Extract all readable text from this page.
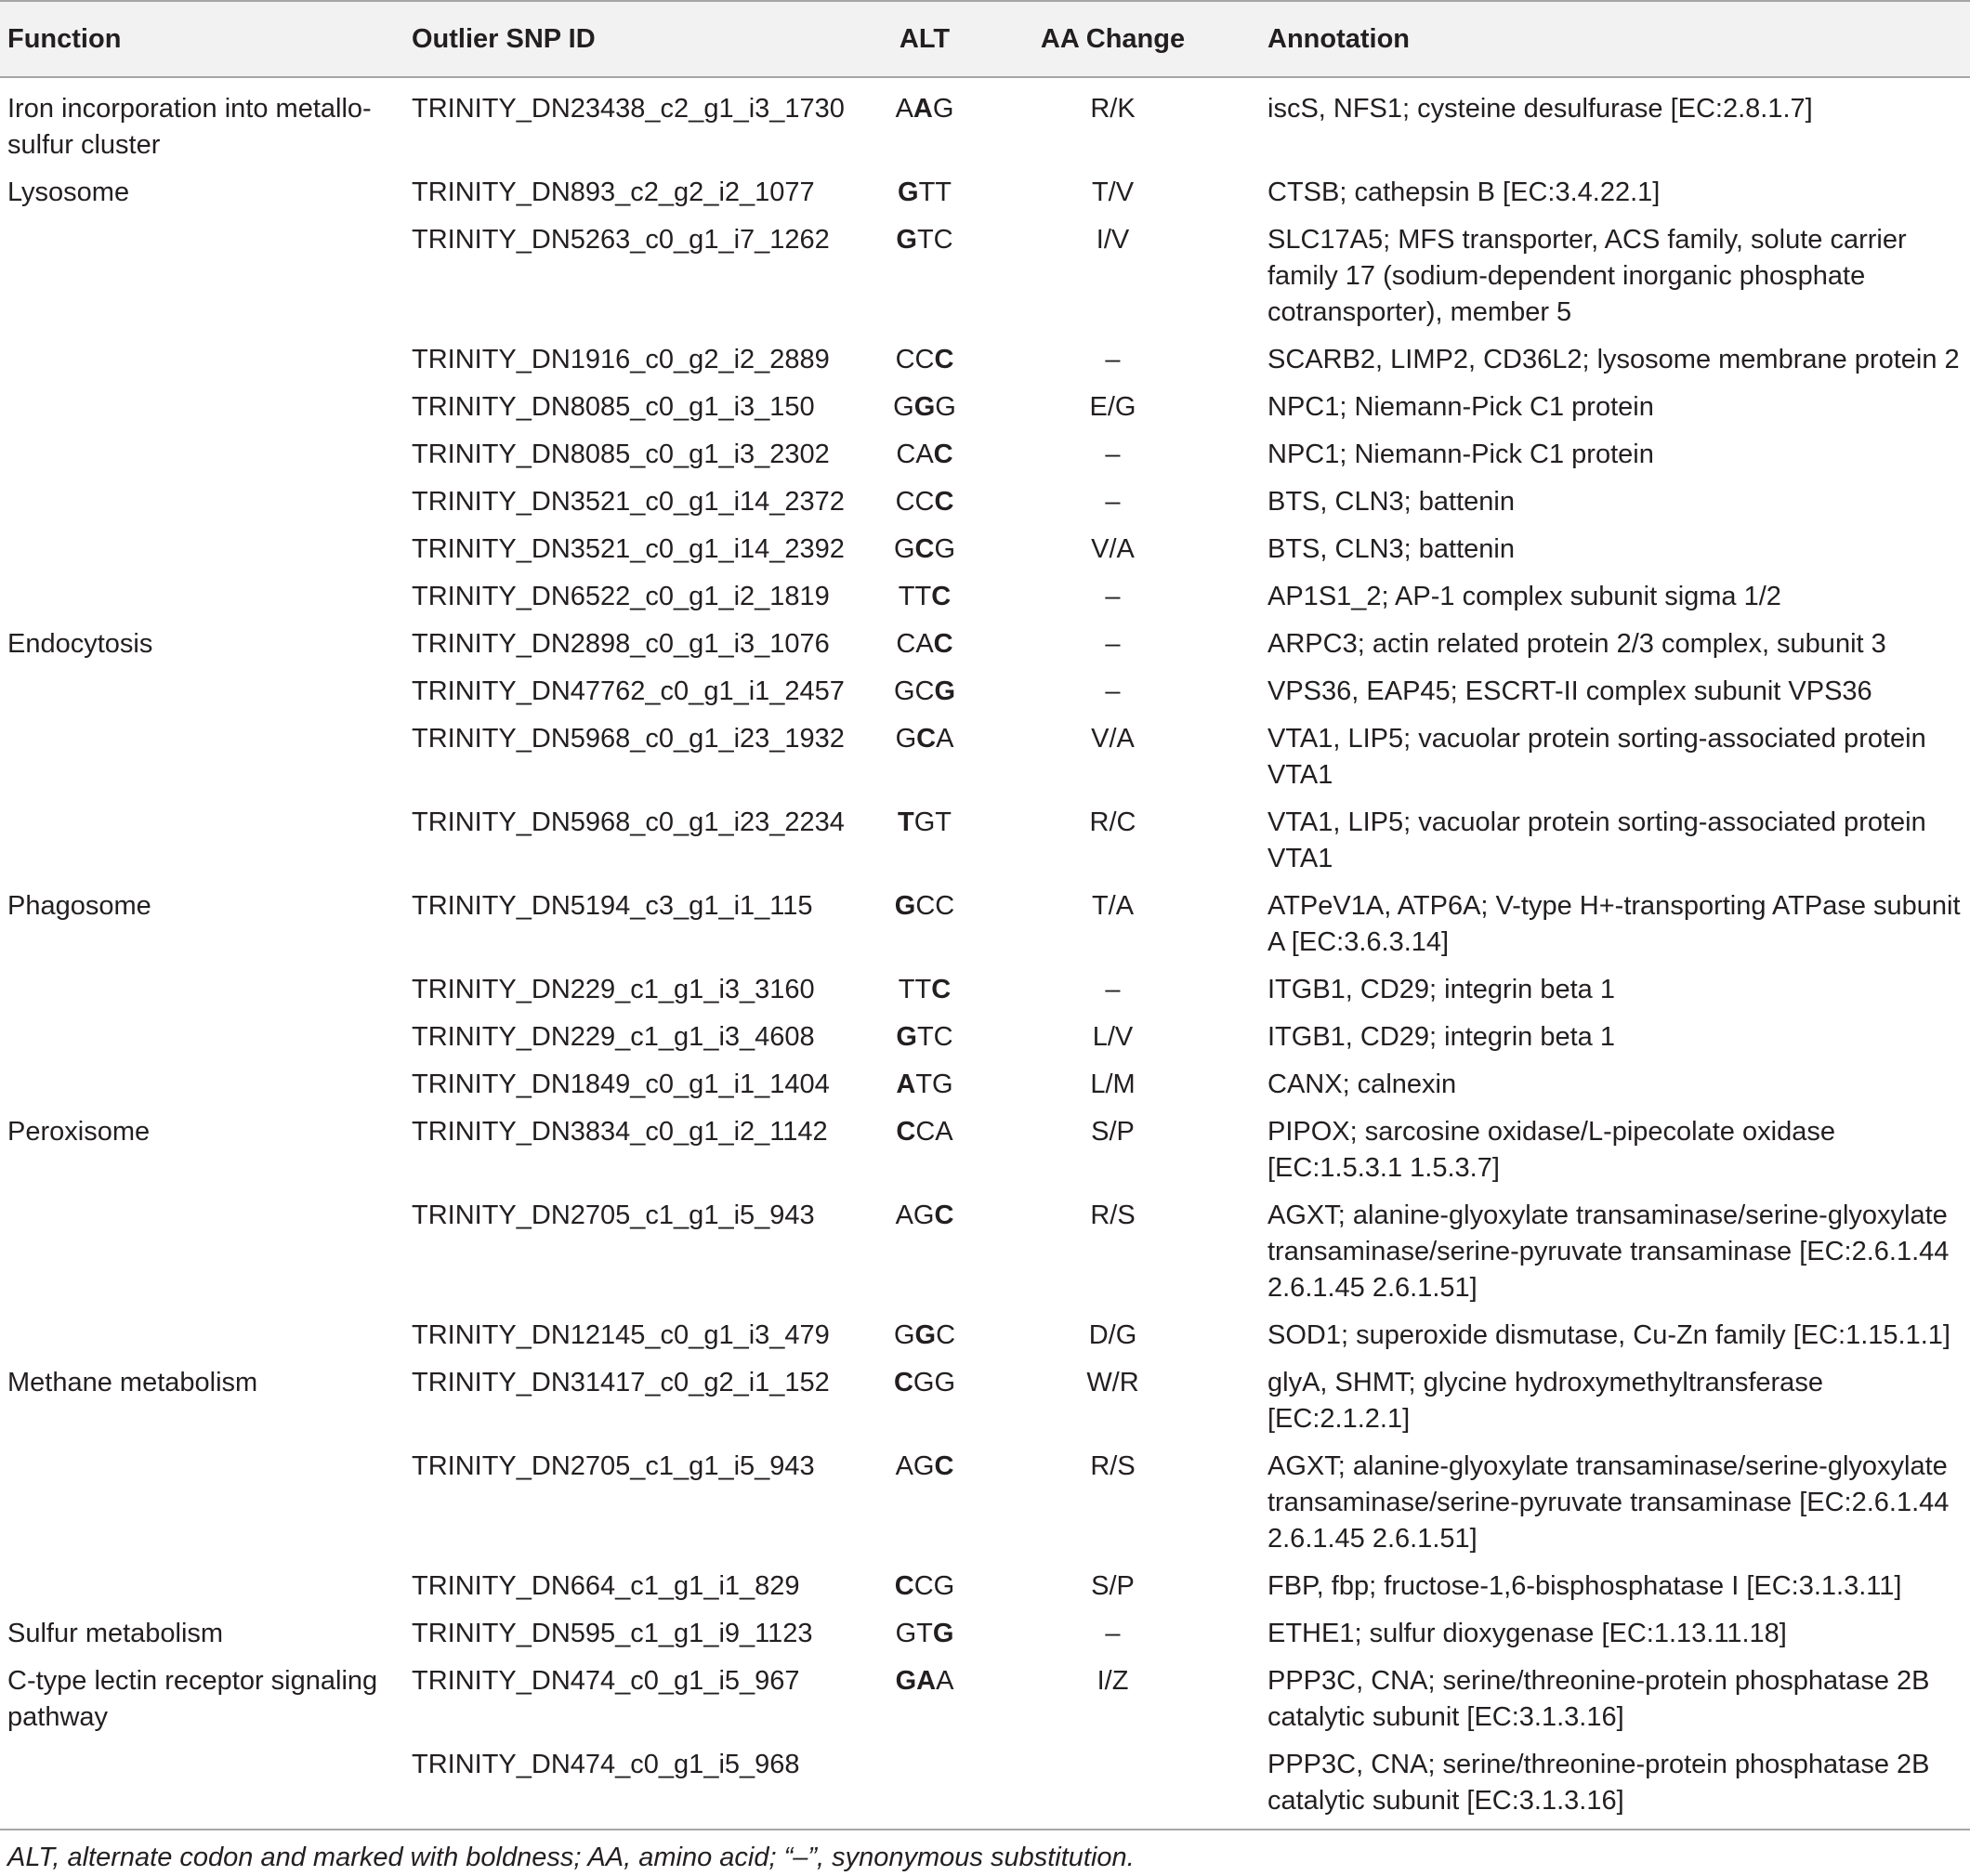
Function	Outlier SNP ID	ALT	AA Change	Annotation
Iron incorporation into metallo-sulfur cluster	TRINITY_DN23438_c2_g1_i3_1730	AAG	R/K	iscS, NFS1; cysteine desulfurase [EC:2.8.1.7]
Lysosome	TRINITY_DN893_c2_g2_i2_1077	GTT	T/V	CTSB; cathepsin B [EC:3.4.22.1]
	TRINITY_DN5263_c0_g1_i7_1262	GTC	I/V	SLC17A5; MFS transporter, ACS family, solute carrier family 17 (sodium-dependent inorganic phosphate cotransporter), member 5
	TRINITY_DN1916_c0_g2_i2_2889	CCC	–	SCARB2, LIMP2, CD36L2; lysosome membrane protein 2
	TRINITY_DN8085_c0_g1_i3_150	GGG	E/G	NPC1; Niemann-Pick C1 protein
	TRINITY_DN8085_c0_g1_i3_2302	CAC	–	NPC1; Niemann-Pick C1 protein
	TRINITY_DN3521_c0_g1_i14_2372	CCC	–	BTS, CLN3; battenin
	TRINITY_DN3521_c0_g1_i14_2392	GCG	V/A	BTS, CLN3; battenin
	TRINITY_DN6522_c0_g1_i2_1819	TTC	–	AP1S1_2; AP-1 complex subunit sigma 1/2
Endocytosis	TRINITY_DN2898_c0_g1_i3_1076	CAC	–	ARPC3; actin related protein 2/3 complex, subunit 3
	TRINITY_DN47762_c0_g1_i1_2457	GCG	–	VPS36, EAP45; ESCRT-II complex subunit VPS36
	TRINITY_DN5968_c0_g1_i23_1932	GCA	V/A	VTA1, LIP5; vacuolar protein sorting-associated protein VTA1
	TRINITY_DN5968_c0_g1_i23_2234	TGT	R/C	VTA1, LIP5; vacuolar protein sorting-associated protein VTA1
Phagosome	TRINITY_DN5194_c3_g1_i1_115	GCC	T/A	ATPeV1A, ATP6A; V-type H+-transporting ATPase subunit A [EC:3.6.3.14]
	TRINITY_DN229_c1_g1_i3_3160	TTC	–	ITGB1, CD29; integrin beta 1
	TRINITY_DN229_c1_g1_i3_4608	GTC	L/V	ITGB1, CD29; integrin beta 1
	TRINITY_DN1849_c0_g1_i1_1404	ATG	L/M	CANX; calnexin
Peroxisome	TRINITY_DN3834_c0_g1_i2_1142	CCA	S/P	PIPOX; sarcosine oxidase/L-pipecolate oxidase [EC:1.5.3.1 1.5.3.7]
	TRINITY_DN2705_c1_g1_i5_943	AGC	R/S	AGXT; alanine-glyoxylate transaminase/serine-glyoxylate transaminase/serine-pyruvate transaminase [EC:2.6.1.44 2.6.1.45 2.6.1.51]
	TRINITY_DN12145_c0_g1_i3_479	GGC	D/G	SOD1; superoxide dismutase, Cu-Zn family [EC:1.15.1.1]
Methane metabolism	TRINITY_DN31417_c0_g2_i1_152	CGG	W/R	glyA, SHMT; glycine hydroxymethyltransferase [EC:2.1.2.1]
	TRINITY_DN2705_c1_g1_i5_943	AGC	R/S	AGXT; alanine-glyoxylate transaminase/serine-glyoxylate transaminase/serine-pyruvate transaminase [EC:2.6.1.44 2.6.1.45 2.6.1.51]
	TRINITY_DN664_c1_g1_i1_829	CCG	S/P	FBP, fbp; fructose-1,6-bisphosphatase I [EC:3.1.3.11]
Sulfur metabolism	TRINITY_DN595_c1_g1_i9_1123	GTG	–	ETHE1; sulfur dioxygenase [EC:1.13.11.18]
C-type lectin receptor signaling pathway	TRINITY_DN474_c0_g1_i5_967	GAA	I/Z	PPP3C, CNA; serine/threonine-protein phosphatase 2B catalytic subunit [EC:3.1.3.16]
	TRINITY_DN474_c0_g1_i5_968			PPP3C, CNA; serine/threonine-protein phosphatase 2B catalytic subunit [EC:3.1.3.16]
ALT, alternate codon and marked with boldness; AA, amino acid; “–”, synonymous substitution.
